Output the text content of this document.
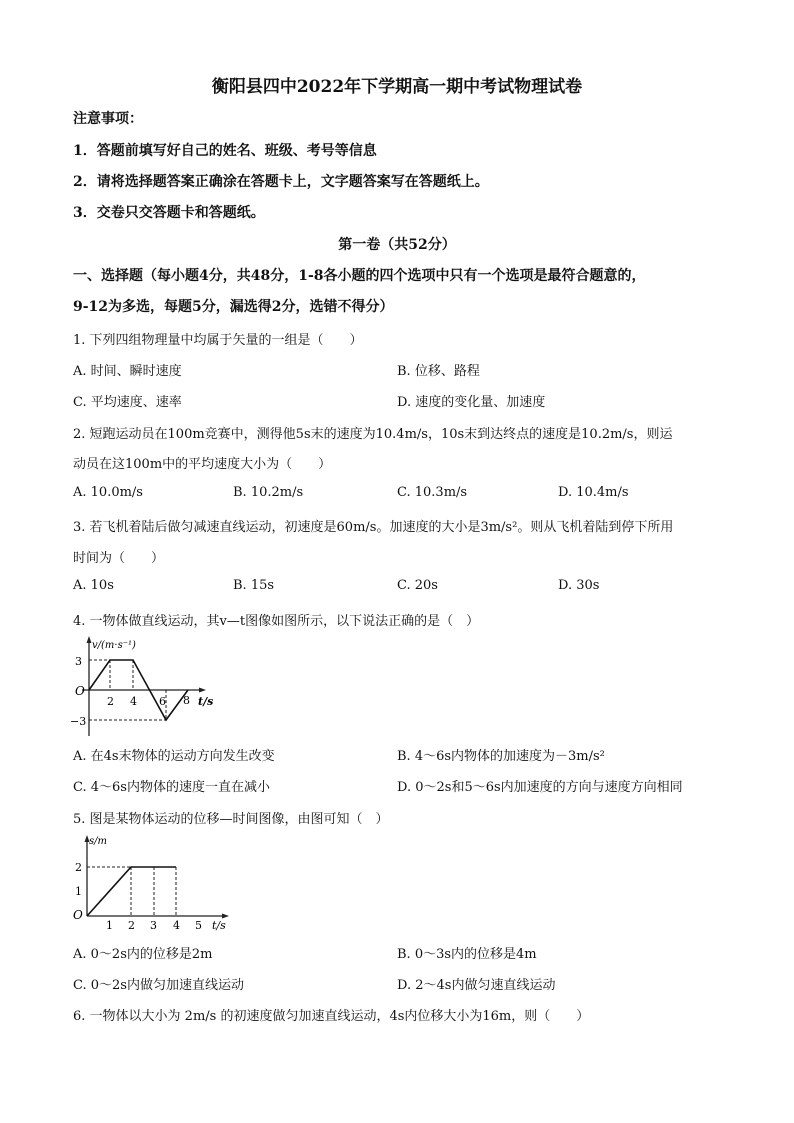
衡阳县四中2022年下学期高一期中考试物理试卷
注意事项：
1．答题前填写好自己的姓名、班级、考号等信息
2．请将选择题答案正确涂在答题卡上，文字题答案写在答题纸上。
3．交卷只交答题卡和答题纸。
第一卷（共52分）
一、选择题（每小题4分，共48分，1-8各小题的四个选项中只有一个选项是最符合题意的，
9-12为多选，每题5分，漏选得2分，选错不得分）
1. 下列四组物理量中均属于矢量的一组是（　　）
A. 时间、瞬时速度	B. 位移、路程
C. 平均速度、速率	D. 速度的变化量、加速度
2. 短跑运动员在100m竞赛中，测得他5s末的速度为10.4m/s，10s末到达终点的速度是10.2m/s，则运
动员在这100m中的平均速度大小为（　　）
A. 10.0m/s	B. 10.2m/s	C. 10.3m/s	D. 10.4m/s
3. 若飞机着陆后做匀减速直线运动，初速度是60m/s。加速度的大小是3m/s²。则从飞机着陆到停下所用
时间为（　　）
A. 10s	B. 15s	C. 20s	D. 30s
4. 一物体做直线运动，其v—t图像如图所示，以下说法正确的是（　）
v/(m·s⁻¹)
3
−3
O
2 4 6 8 t/s
A. 在4s末物体的运动方向发生改变	B. 4～6s内物体的加速度为－3m/s²
C. 4～6s内物体的速度一直在减小	D. 0～2s和5～6s内加速度的方向与速度方向相同
5. 图是某物体运动的位移—时间图像，由图可知（　）
s/m
2
1
O
1 2 3 4 5 t/s
A. 0～2s内的位移是2m	B. 0～3s内的位移是4m
C. 0～2s内做匀加速直线运动	D. 2～4s内做匀速直线运动
6. 一物体以大小为 2m/s 的初速度做匀加速直线运动，4s内位移大小为16m，则（　　）
